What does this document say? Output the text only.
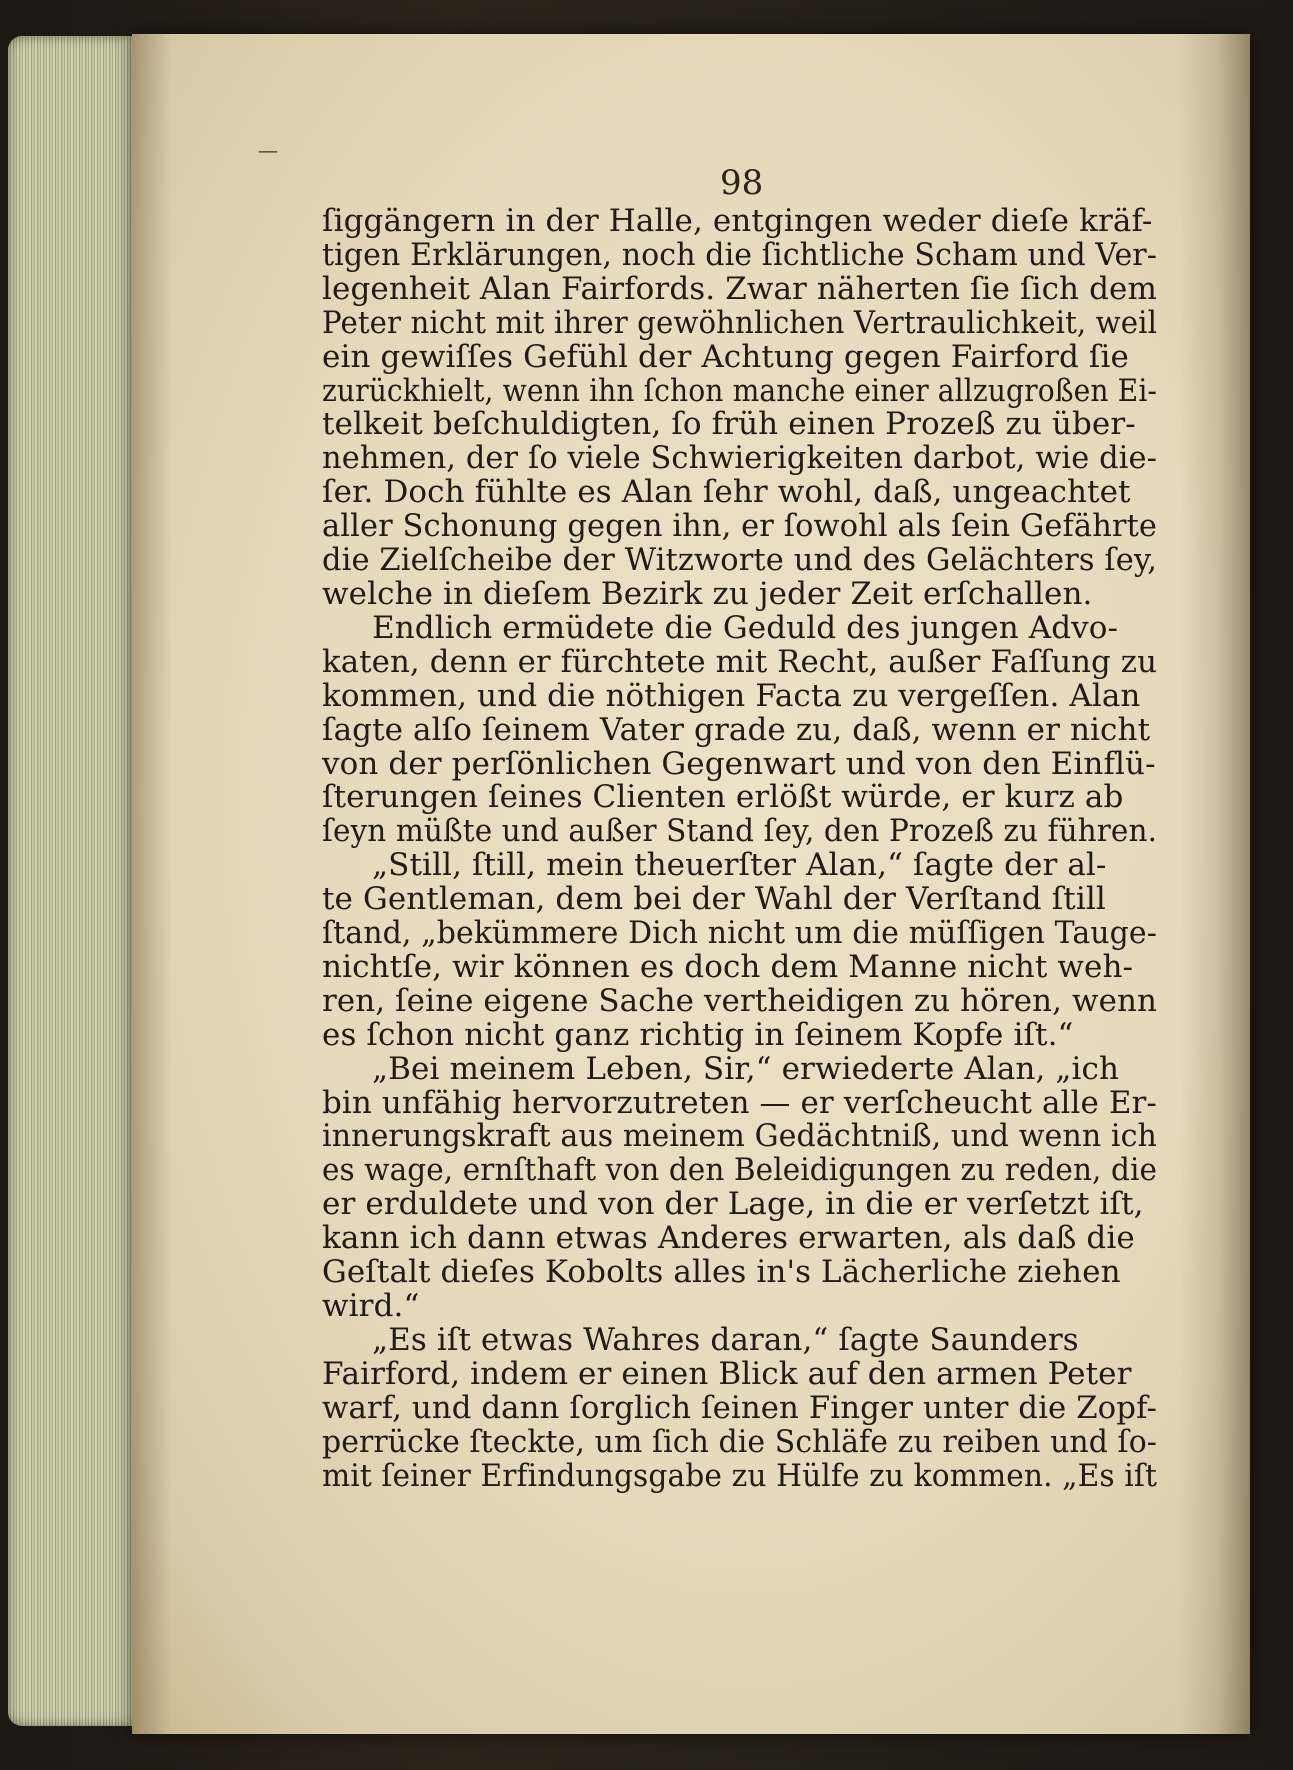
—
98
ſiggängern in der Halle, entgingen weder dieſe kräf-
tigen Erklärungen, noch die ſichtliche Scham und Ver-
legenheit Alan Fairfords. Zwar näherten ſie ſich dem
Peter nicht mit ihrer gewöhnlichen Vertraulichkeit, weil
ein gewiſſes Gefühl der Achtung gegen Fairford ſie
zurückhielt, wenn ihn ſchon manche einer allzugroßen Ei-
telkeit beſchuldigten, ſo früh einen Prozeß zu über-
nehmen, der ſo viele Schwierigkeiten darbot, wie die-
ſer. Doch fühlte es Alan ſehr wohl, daß, ungeachtet
aller Schonung gegen ihn, er ſowohl als ſein Gefährte
die Zielſcheibe der Witzworte und des Gelächters ſey,
welche in dieſem Bezirk zu jeder Zeit erſchallen.
Endlich ermüdete die Geduld des jungen Advo-
katen, denn er fürchtete mit Recht, außer Faſſung zu
kommen, und die nöthigen Facta zu vergeſſen. Alan
ſagte alſo ſeinem Vater grade zu, daß, wenn er nicht
von der perſönlichen Gegenwart und von den Einflü-
ſterungen ſeines Clienten erlößt würde, er kurz ab
ſeyn müßte und außer Stand ſey, den Prozeß zu führen.
„Still, ſtill, mein theuerſter Alan,“ ſagte der al-
te Gentleman, dem bei der Wahl der Verſtand ſtill
ſtand, „bekümmere Dich nicht um die müſſigen Tauge-
nichtſe, wir können es doch dem Manne nicht weh-
ren, ſeine eigene Sache vertheidigen zu hören, wenn
es ſchon nicht ganz richtig in ſeinem Kopfe iſt.“
„Bei meinem Leben, Sir,“ erwiederte Alan, „ich
bin unfähig hervorzutreten — er verſcheucht alle Er-
innerungskraft aus meinem Gedächtniß, und wenn ich
es wage, ernſthaft von den Beleidigungen zu reden, die
er erduldete und von der Lage, in die er verſetzt iſt,
kann ich dann etwas Anderes erwarten, als daß die
Geſtalt dieſes Kobolts alles in's Lächerliche ziehen
wird.“
„Es iſt etwas Wahres daran,“ ſagte Saunders
Fairford, indem er einen Blick auf den armen Peter
warf, und dann ſorglich ſeinen Finger unter die Zopf-
perrücke ſteckte, um ſich die Schläfe zu reiben und ſo-
mit ſeiner Erfindungsgabe zu Hülfe zu kommen. „Es iſt
